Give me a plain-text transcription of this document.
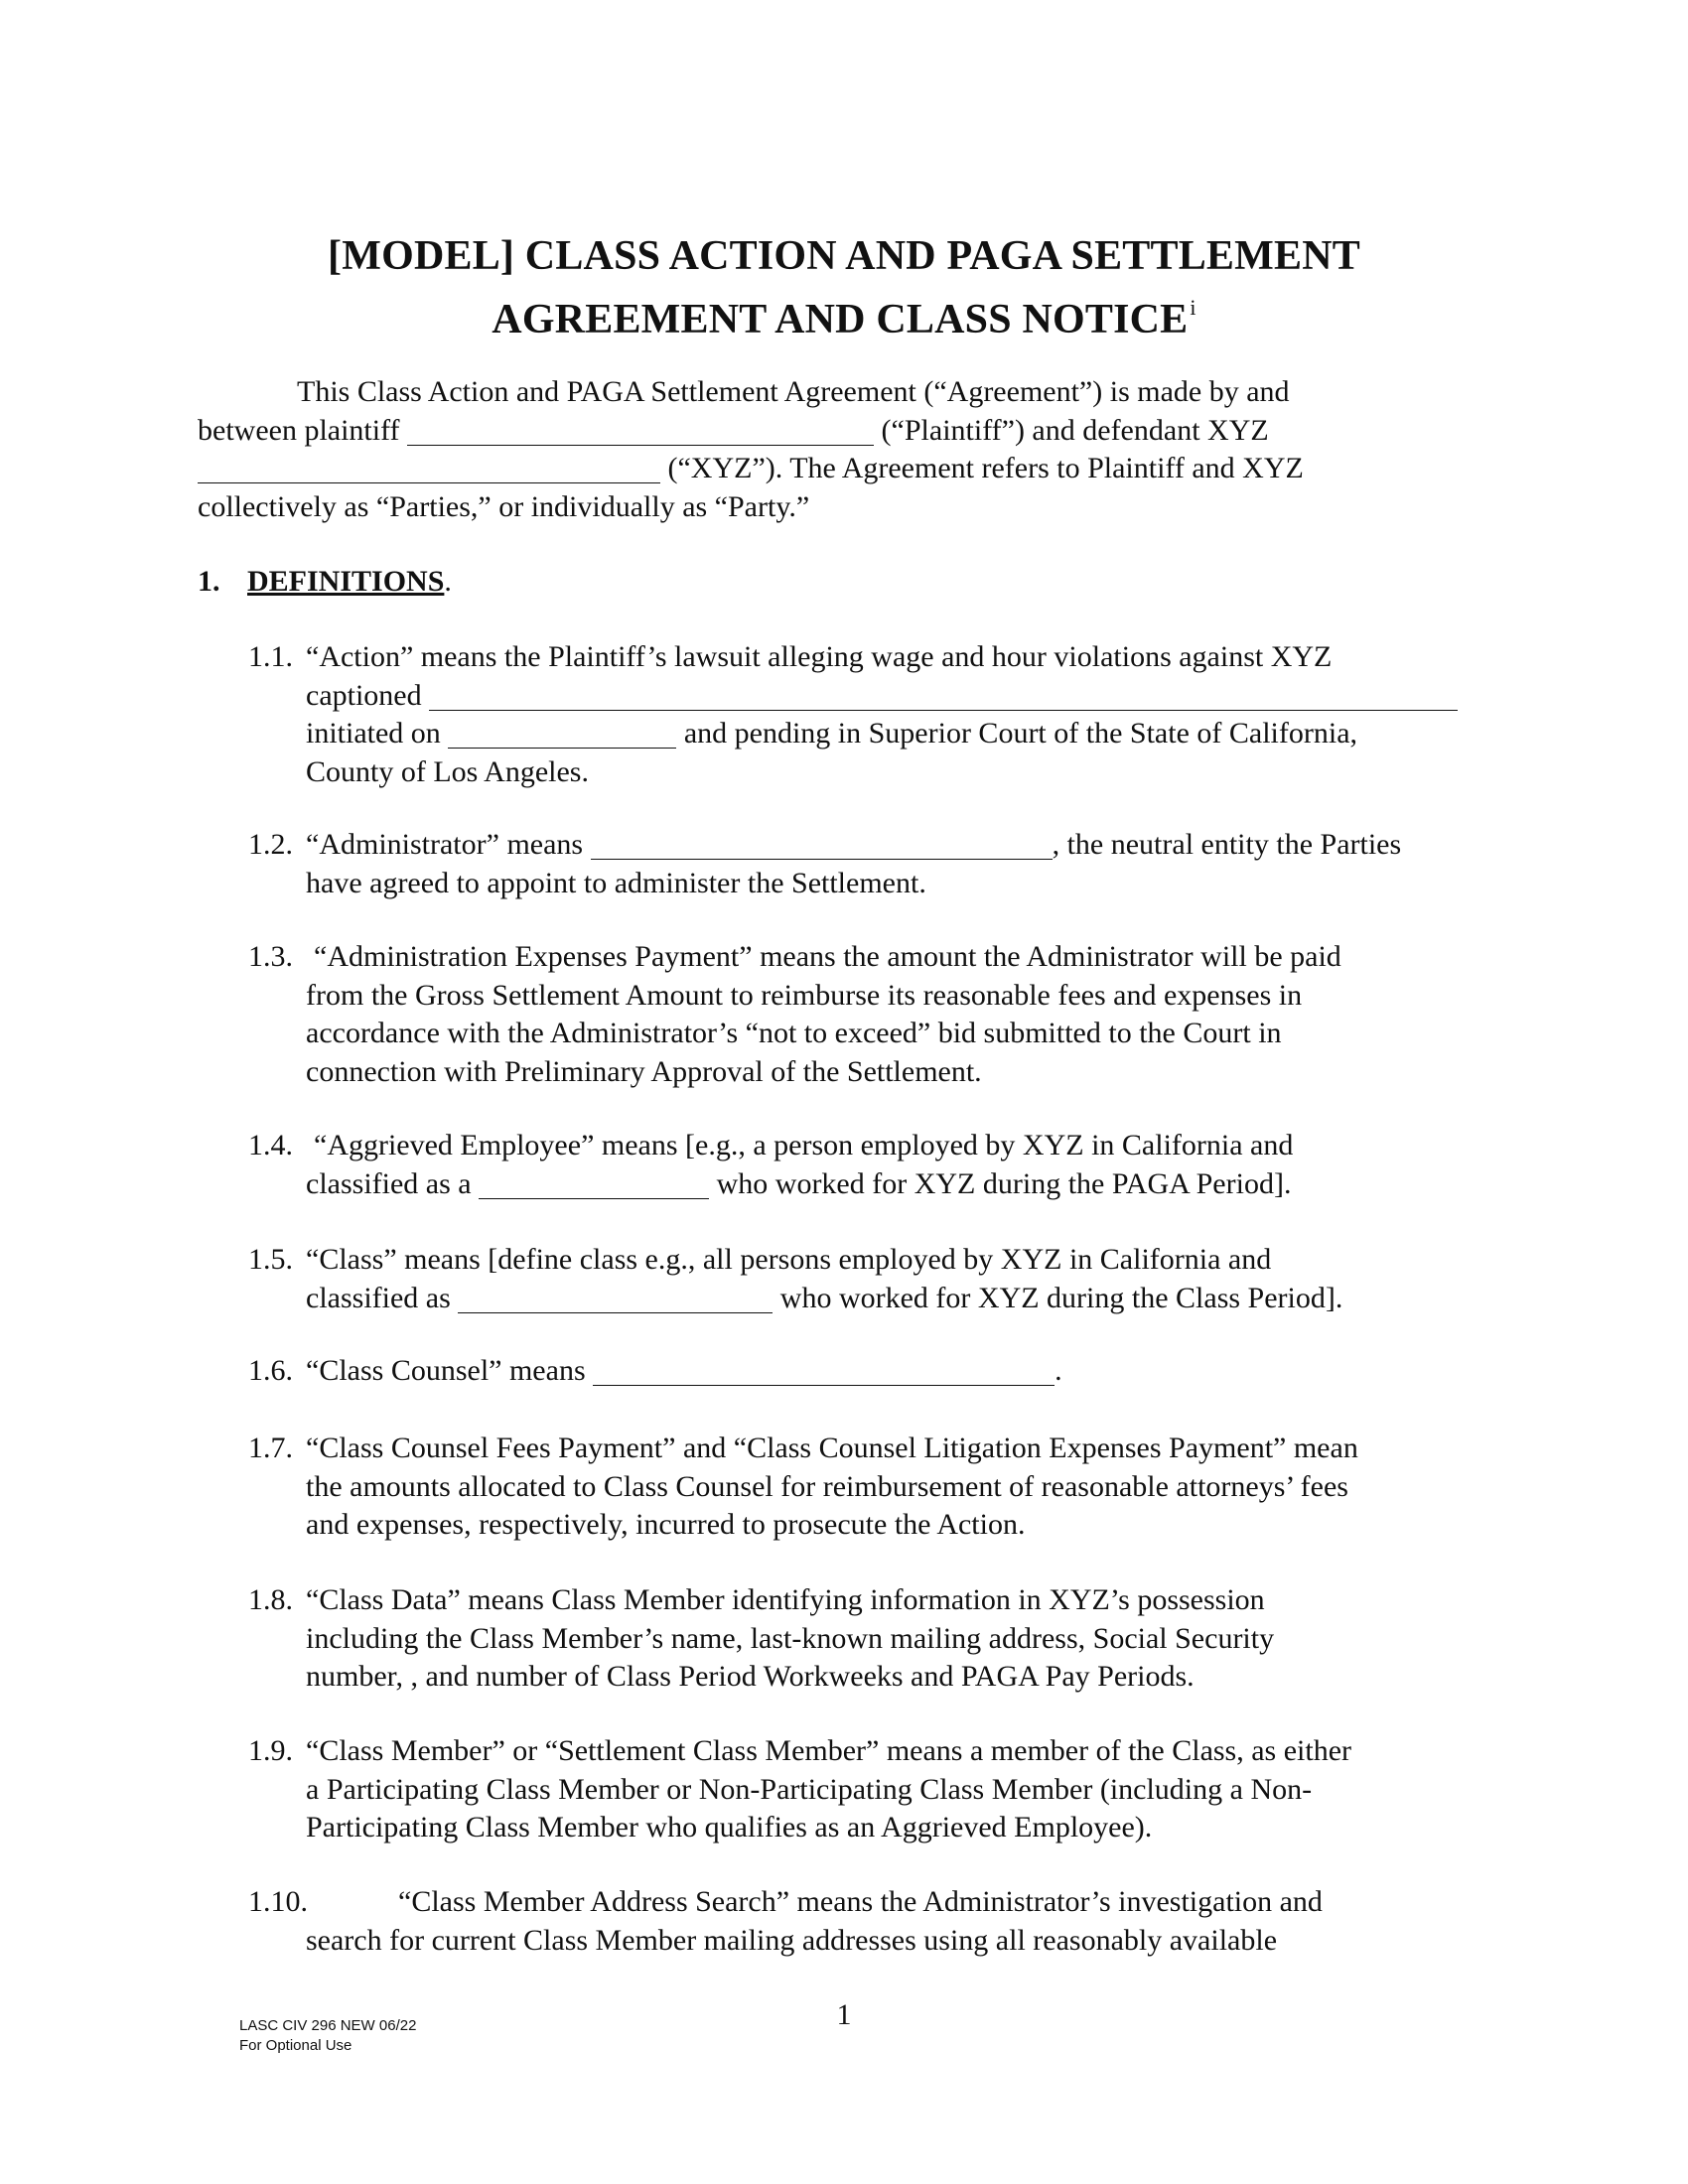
[MODEL] CLASS ACTION AND PAGA SETTLEMENT
AGREEMENT AND CLASS NOTICE$^i$
This Class Action and PAGA Settlement Agreement (“Agreement”) is made by and
between plaintiff	(“Plaintiff”) and defendant XYZ
(“XYZ”). The Agreement refers to Plaintiff and XYZ
collectively as “Parties,” or individually as “Party.”
1. DEFINITIONS.
1.1. “Action” means the Plaintiff’s lawsuit alleging wage and hour violations against XYZ
captioned
initiated on	and pending in Superior Court of the State of California,
County of Los Angeles.
1.2. “Administrator” means	, the neutral entity the Parties
have agreed to appoint to administer the Settlement.
1.3. “Administration Expenses Payment” means the amount the Administrator will be paid
from the Gross Settlement Amount to reimburse its reasonable fees and expenses in
accordance with the Administrator’s “not to exceed” bid submitted to the Court in
connection with Preliminary Approval of the Settlement.
1.4. “Aggrieved Employee” means [e.g., a person employed by XYZ in California and
classified as a	who worked for XYZ during the PAGA Period].
1.5. “Class” means [define class e.g., all persons employed by XYZ in California and
classified as	who worked for XYZ during the Class Period].
1.6. “Class Counsel” means	.
1.7. “Class Counsel Fees Payment” and “Class Counsel Litigation Expenses Payment” mean
the amounts allocated to Class Counsel for reimbursement of reasonable attorneys’ fees
and expenses, respectively, incurred to prosecute the Action.
1.8. “Class Data” means Class Member identifying information in XYZ’s possession
including the Class Member’s name, last-known mailing address, Social Security
number, , and number of Class Period Workweeks and PAGA Pay Periods.
1.9. “Class Member” or “Settlement Class Member” means a member of the Class, as either
a Participating Class Member or Non-Participating Class Member (including a Non-
Participating Class Member who qualifies as an Aggrieved Employee).
1.10.	“Class Member Address Search” means the Administrator’s investigation and
search for current Class Member mailing addresses using all reasonably available
1
LASC CIV 296 NEW 06/22
For Optional Use
